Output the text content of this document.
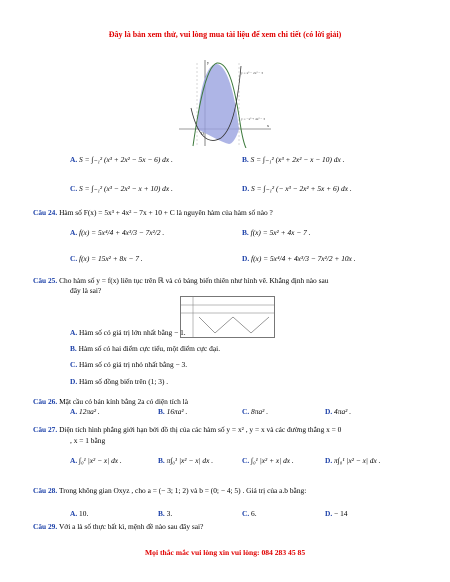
Đây là bản xem thử, vui lòng mua tài liệu để xem chi tiết (có lời giải)
y = x³ − 2x² − 3
y = −x³ + 4x² − 3
x
y
O
A. S = ∫₋₁² (x³ + 2x² − 5x − 6) dx .	B. S = ∫₋₁² (x³ + 2x² − x − 10) dx .
C. S = ∫₋₁² (x³ − 2x² − x + 10) dx .	D. S = ∫₋₁² (− x³ − 2x² + 5x + 6) dx .
Câu 24. Hàm số F(x) = 5x³ + 4x² − 7x + 10 + C là nguyên hàm của hàm số nào ?
A. f(x) = 5x⁴/4 + 4x³/3 − 7x²/2 .	B. f(x) = 5x² + 4x − 7 .
C. f(x) = 15x² + 8x − 7 .	D. f(x) = 5x⁴/4 + 4x³/3 − 7x²/2 + 10x .
Câu 25. Cho hàm số y = f(x) liên tục trên ℝ và có bảng biến thiên như hình vẽ. Khẳng định nào sau
đây là sai?
A. Hàm số có giá trị lớn nhất bằng − 1.
B. Hàm số có hai điểm cực tiểu, một điểm cực đại.
C. Hàm số có giá trị nhỏ nhất bằng − 3.
D. Hàm số đồng biến trên (1; 3) .
Câu 26. Mặt cầu có bán kính bằng 2a có diện tích là
A. 12πa² .	B. 16πa² .	C. 8πa² .	D. 4πa² .
Câu 27. Diện tích hình phẳng giới hạn bởi đồ thị của các hàm số y = x² , y = x và các đường thẳng x = 0
, x = 1 bằng
A. ∫₀¹ |x² − x| dx .	B. π∫₀¹ |x² − x| dx .	C. ∫₀¹ |x² + x| dx .	D. π∫₀¹ |x² − x| dx .
Câu 28. Trong không gian Oxyz , cho a = (− 3; 1; 2) và b = (0; − 4; 5) . Giá trị của a.b bằng:
A. 10.	B. 3.	C. 6.	D. − 14
Câu 29. Với a là số thực bất kì, mệnh đề nào sau đây sai?
Mọi thắc mắc vui lòng xin vui lòng: 084 283 45 85
